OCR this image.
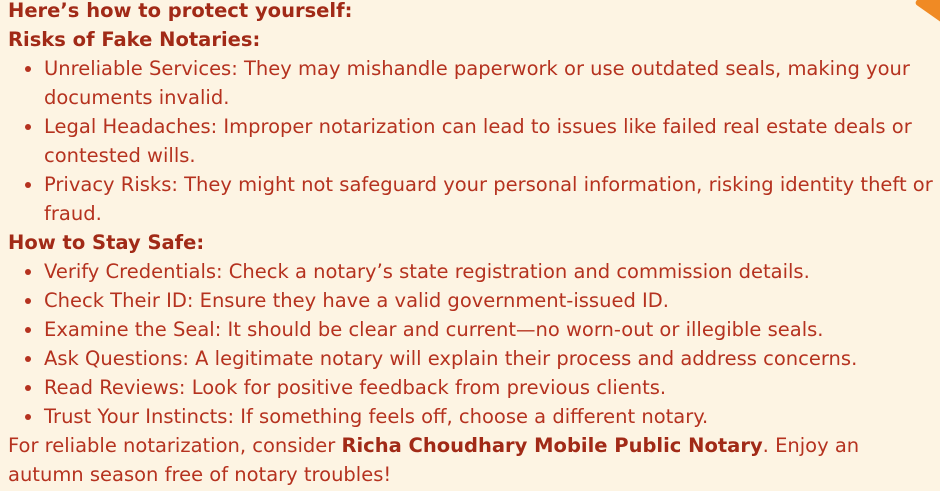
Here’s how to protect yourself:

Risks of Fake Notaries:

• Unreliable Services: They may mishandle paperwork or use outdated seals, making your documents invalid.
• Legal Headaches: Improper notarization can lead to issues like failed real estate deals or contested wills.
• Privacy Risks: They might not safeguard your personal information, risking identity theft or fraud.

How to Stay Safe:

• Verify Credentials: Check a notary’s state registration and commission details.
• Check Their ID: Ensure they have a valid government-issued ID.
• Examine the Seal: It should be clear and current—no worn-out or illegible seals.
• Ask Questions: A legitimate notary will explain their process and address concerns.
• Read Reviews: Look for positive feedback from previous clients.
• Trust Your Instincts: If something feels off, choose a different notary.

For reliable notarization, consider Richa Choudhary Mobile Public Notary. Enjoy an autumn season free of notary troubles!
